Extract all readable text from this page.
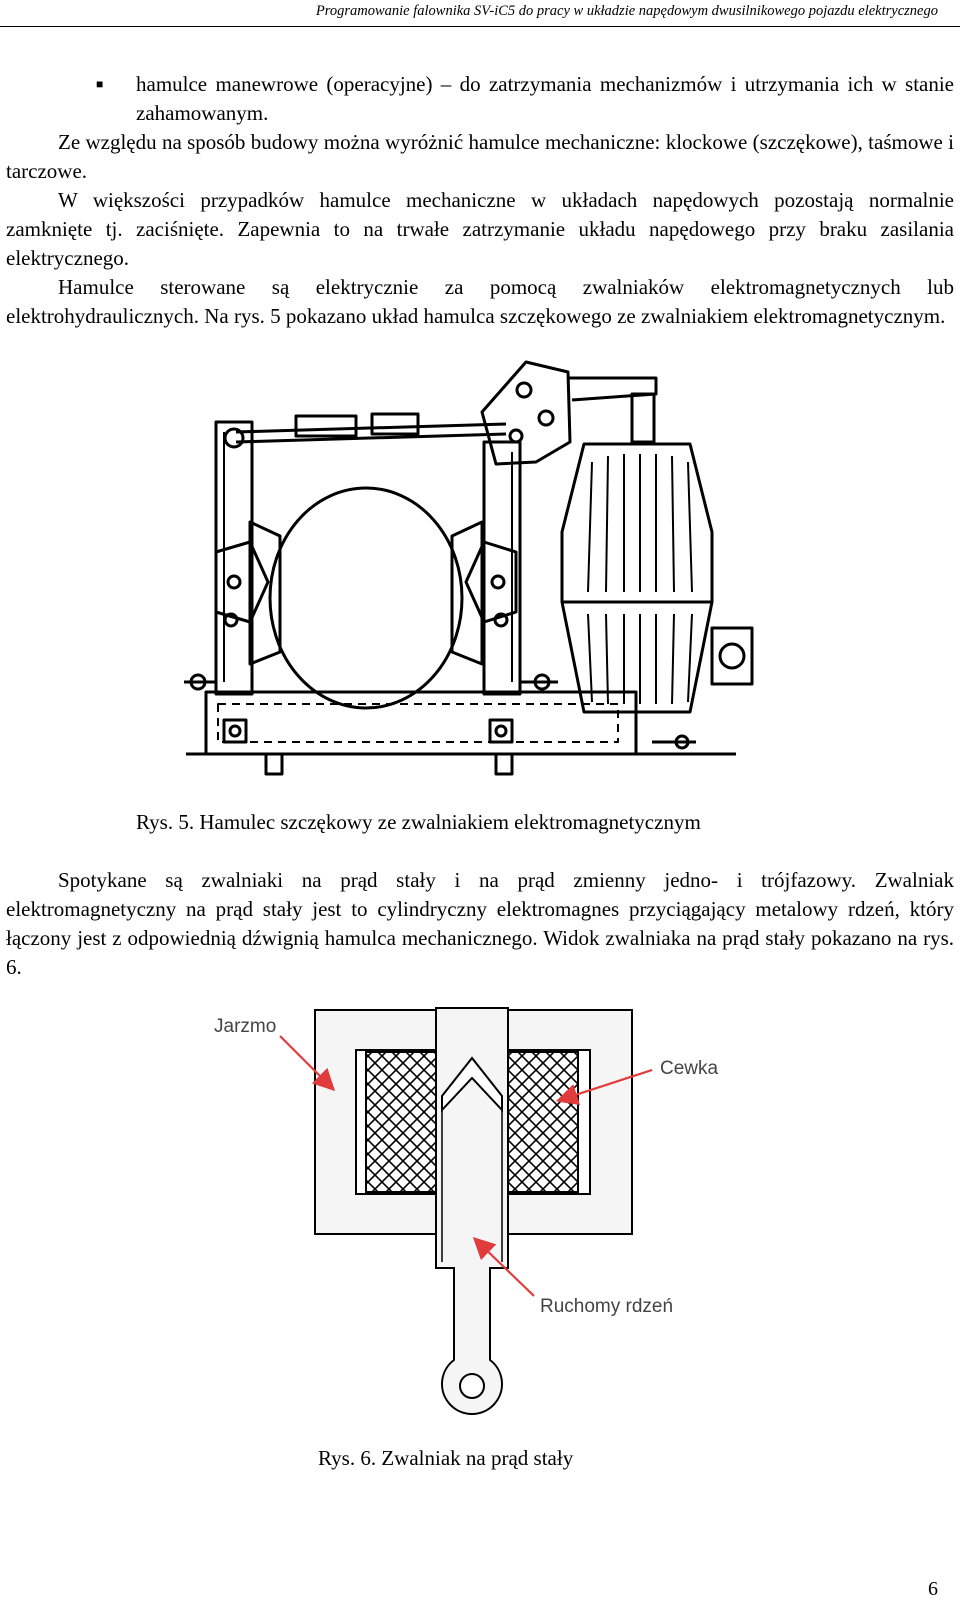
Programowanie falownika SV-iC5 do pracy w układzie napędowym dwusilnikowego pojazdu elektrycznego
■	hamulce manewrowe (operacyjne) – do zatrzymania mechanizmów i utrzymania ich w stanie zahamowanym.

Ze względu na sposób budowy można wyróżnić hamulce mechaniczne: klockowe (szczękowe), taśmowe i tarczowe.

W większości przypadków hamulce mechaniczne w układach napędowych pozostają normalnie zamknięte tj. zaciśnięte. Zapewnia to na trwałe zatrzymanie układu napędowego przy braku zasilania elektrycznego.

Hamulce sterowane są elektrycznie za pomocą zwalniaków elektromagnetycznych lub elektrohydraulicznych. Na rys. 5 pokazano układ hamulca szczękowego ze zwalniakiem elektromagnetycznym.

Rys. 5. Hamulec szczękowy ze zwalniakiem elektromagnetycznym

Spotykane są zwalniaki na prąd stały i na prąd zmienny jedno- i trójfazowy. Zwalniak elektromagnetyczny na prąd stały jest to cylindryczny elektromagnes przyciągający metalowy rdzeń, który łączony jest z odpowiednią dźwignią hamulca mechanicznego. Widok zwalniaka na prąd stały pokazano na rys. 6.

Jarzmo
Cewka
Ruchomy rdzeń
Rys. 6. Zwalniak na prąd stały
6
